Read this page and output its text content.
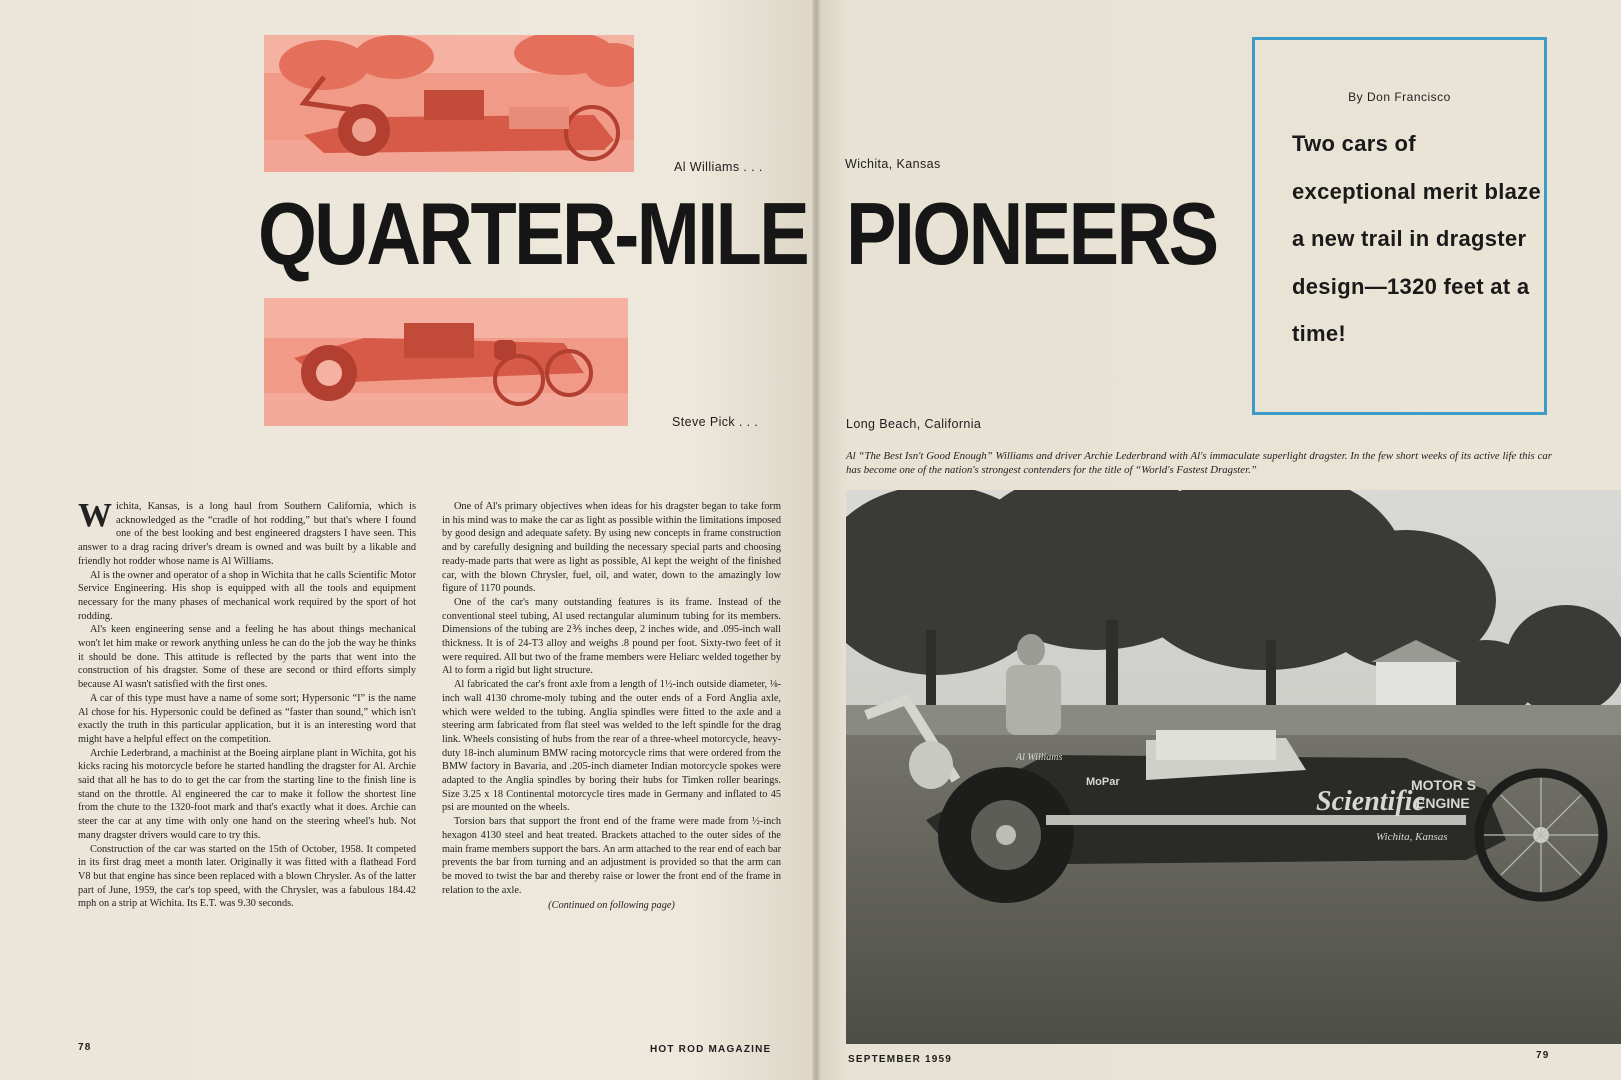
Al Williams . . .	Wichita, Kansas
Steve Pick . . .	Long Beach, California
QUARTER-MILE PIONEERS
By Don Francisco
Two cars of exceptional merit blaze a new trail in dragster design—1320 feet at a time!
Al “The Best Isn't Good Enough” Williams and driver Archie Lederbrand with Al's immaculate superlight dragster. In the few short weeks of its active life this car has become one of the nation's strongest contenders for the title of “World's Fastest Dragster.”
Scientific
MOTOR S
ENGINE
Wichita, Kansas
Al Williams
MoPar

Wichita, Kansas, is a long haul from Southern California, which is acknowledged as the “cradle of hot rodding,” but that's where I found one of the best looking and best engineered dragsters I have seen. This answer to a drag racing driver's dream is owned and was built by a likable and friendly hot rodder whose name is Al Williams.

Al is the owner and operator of a shop in Wichita that he calls Scientific Motor Service Engineering. His shop is equipped with all the tools and equipment necessary for the many phases of mechanical work required by the sport of hot rodding.

Al's keen engineering sense and a feeling he has about things mechanical won't let him make or rework anything unless he can do the job the way he thinks it should be done. This attitude is reflected by the parts that went into the construction of his dragster. Some of these are second or third efforts simply because Al wasn't satisfied with the first ones.

A car of this type must have a name of some sort; Hypersonic “I” is the name Al chose for his. Hypersonic could be defined as “faster than sound,” which isn't exactly the truth in this particular application, but it is an interesting word that might have a helpful effect on the competition.

Archie Lederbrand, a machinist at the Boeing airplane plant in Wichita, got his kicks racing his motorcycle before he started handling the dragster for Al. Archie said that all he has to do to get the car from the starting line to the finish line is stand on the throttle. Al engineered the car to make it follow the shortest line from the chute to the 1320-foot mark and that's exactly what it does. Archie can steer the car at any time with only one hand on the steering wheel's hub. Not many dragster drivers would care to try this.

Construction of the car was started on the 15th of October, 1958. It competed in its first drag meet a month later. Originally it was fitted with a flathead Ford V8 but that engine has since been replaced with a blown Chrysler. As of the latter part of June, 1959, the car's top speed, with the Chrysler, was a fabulous 184.42 mph on a strip at Wichita. Its E.T. was 9.30 seconds.

One of Al's primary objectives when ideas for his dragster began to take form in his mind was to make the car as light as possible within the limitations imposed by good design and adequate safety. By using new concepts in frame construction and by carefully designing and building the necessary special parts and choosing ready-made parts that were as light as possible, Al kept the weight of the finished car, with the blown Chrysler, fuel, oil, and water, down to the amazingly low figure of 1170 pounds.

One of the car's many outstanding features is its frame. Instead of the conventional steel tubing, Al used rectangular aluminum tubing for its members. Dimensions of the tubing are 2⅗ inches deep, 2 inches wide, and .095-inch wall thickness. It is of 24-T3 alloy and weighs .8 pound per foot. Sixty-two feet of it were required. All but two of the frame members were Heliarc welded together by Al to form a rigid but light structure.

Al fabricated the car's front axle from a length of 1½-inch outside diameter, ⅛-inch wall 4130 chrome-moly tubing and the outer ends of a Ford Anglia axle, which were welded to the tubing. Anglia spindles were fitted to the axle and a steering arm fabricated from flat steel was welded to the left spindle for the drag link. Wheels consisting of hubs from the rear of a three-wheel motorcycle, heavy-duty 18-inch aluminum BMW racing motorcycle rims that were ordered from the BMW factory in Bavaria, and .205-inch diameter Indian motorcycle spokes were adapted to the Anglia spindles by boring their hubs for Timken roller bearings. Size 3.25 x 18 Continental motorcycle tires made in Germany and inflated to 45 psi are mounted on the wheels.

Torsion bars that support the front end of the frame were made from ½-inch hexagon 4130 steel and heat treated. Brackets attached to the outer sides of the main frame members support the bars. An arm attached to the rear end of each bar prevents the bar from turning and an adjustment is provided so that the arm can be moved to twist the bar and thereby raise or lower the front end of the frame in relation to the axle.

(Continued on following page)
78	HOT ROD MAGAZINE
SEPTEMBER 1959	79
